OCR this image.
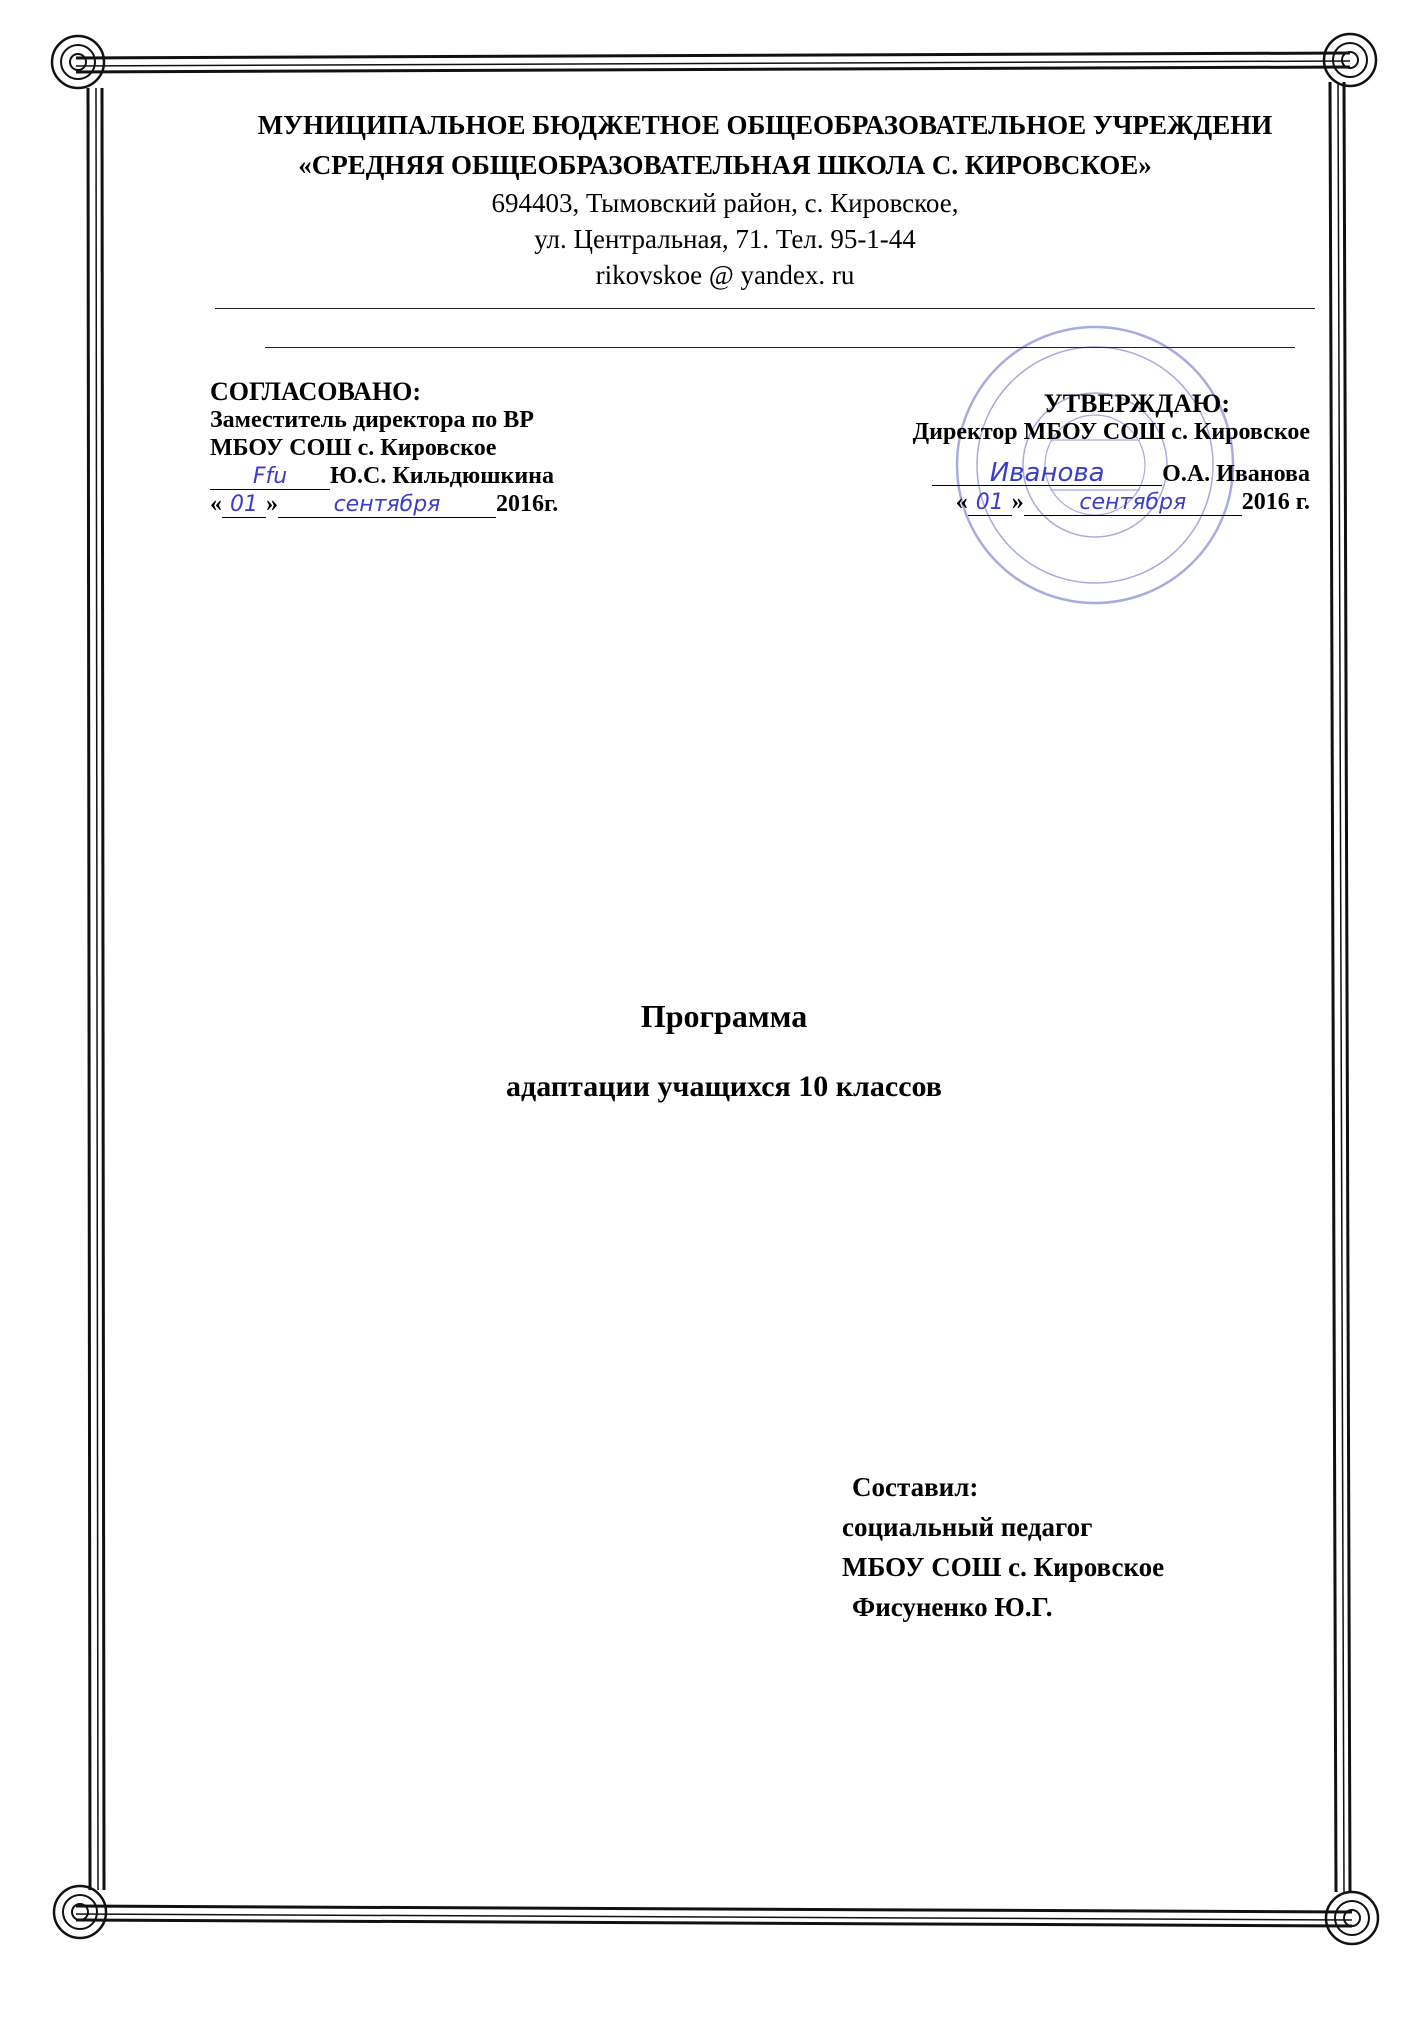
МУНИЦИПАЛЬНОЕ БЮДЖЕТНОЕ ОБЩЕОБРАЗОВАТЕЛЬНОЕ УЧРЕЖДЕНИ
«СРЕДНЯЯ ОБЩЕОБРАЗОВАТЕЛЬНАЯ ШКОЛА С. КИРОВСКОЕ»
694403, Тымовский район, с. Кировское,
ул. Центральная, 71. Тел. 95-1-44
rikovskoe @ yandex. ru
СОГЛАСОВАНО:
Заместитель директора по ВР
МБОУ СОШ с. Кировское
Ffu Ю.С. Кильдюшкина
« 01 »	сентября 2016г.
УТВЕРЖДАЮ:
Директор МБОУ СОШ с. Кировское
Иванова О.А. Иванова
« 01 »	сентября 2016 г.
Программа
адаптации учащихся 10 классов
Составил:
социальный педагог
МБОУ СОШ с. Кировское
Фисуненко Ю.Г.
